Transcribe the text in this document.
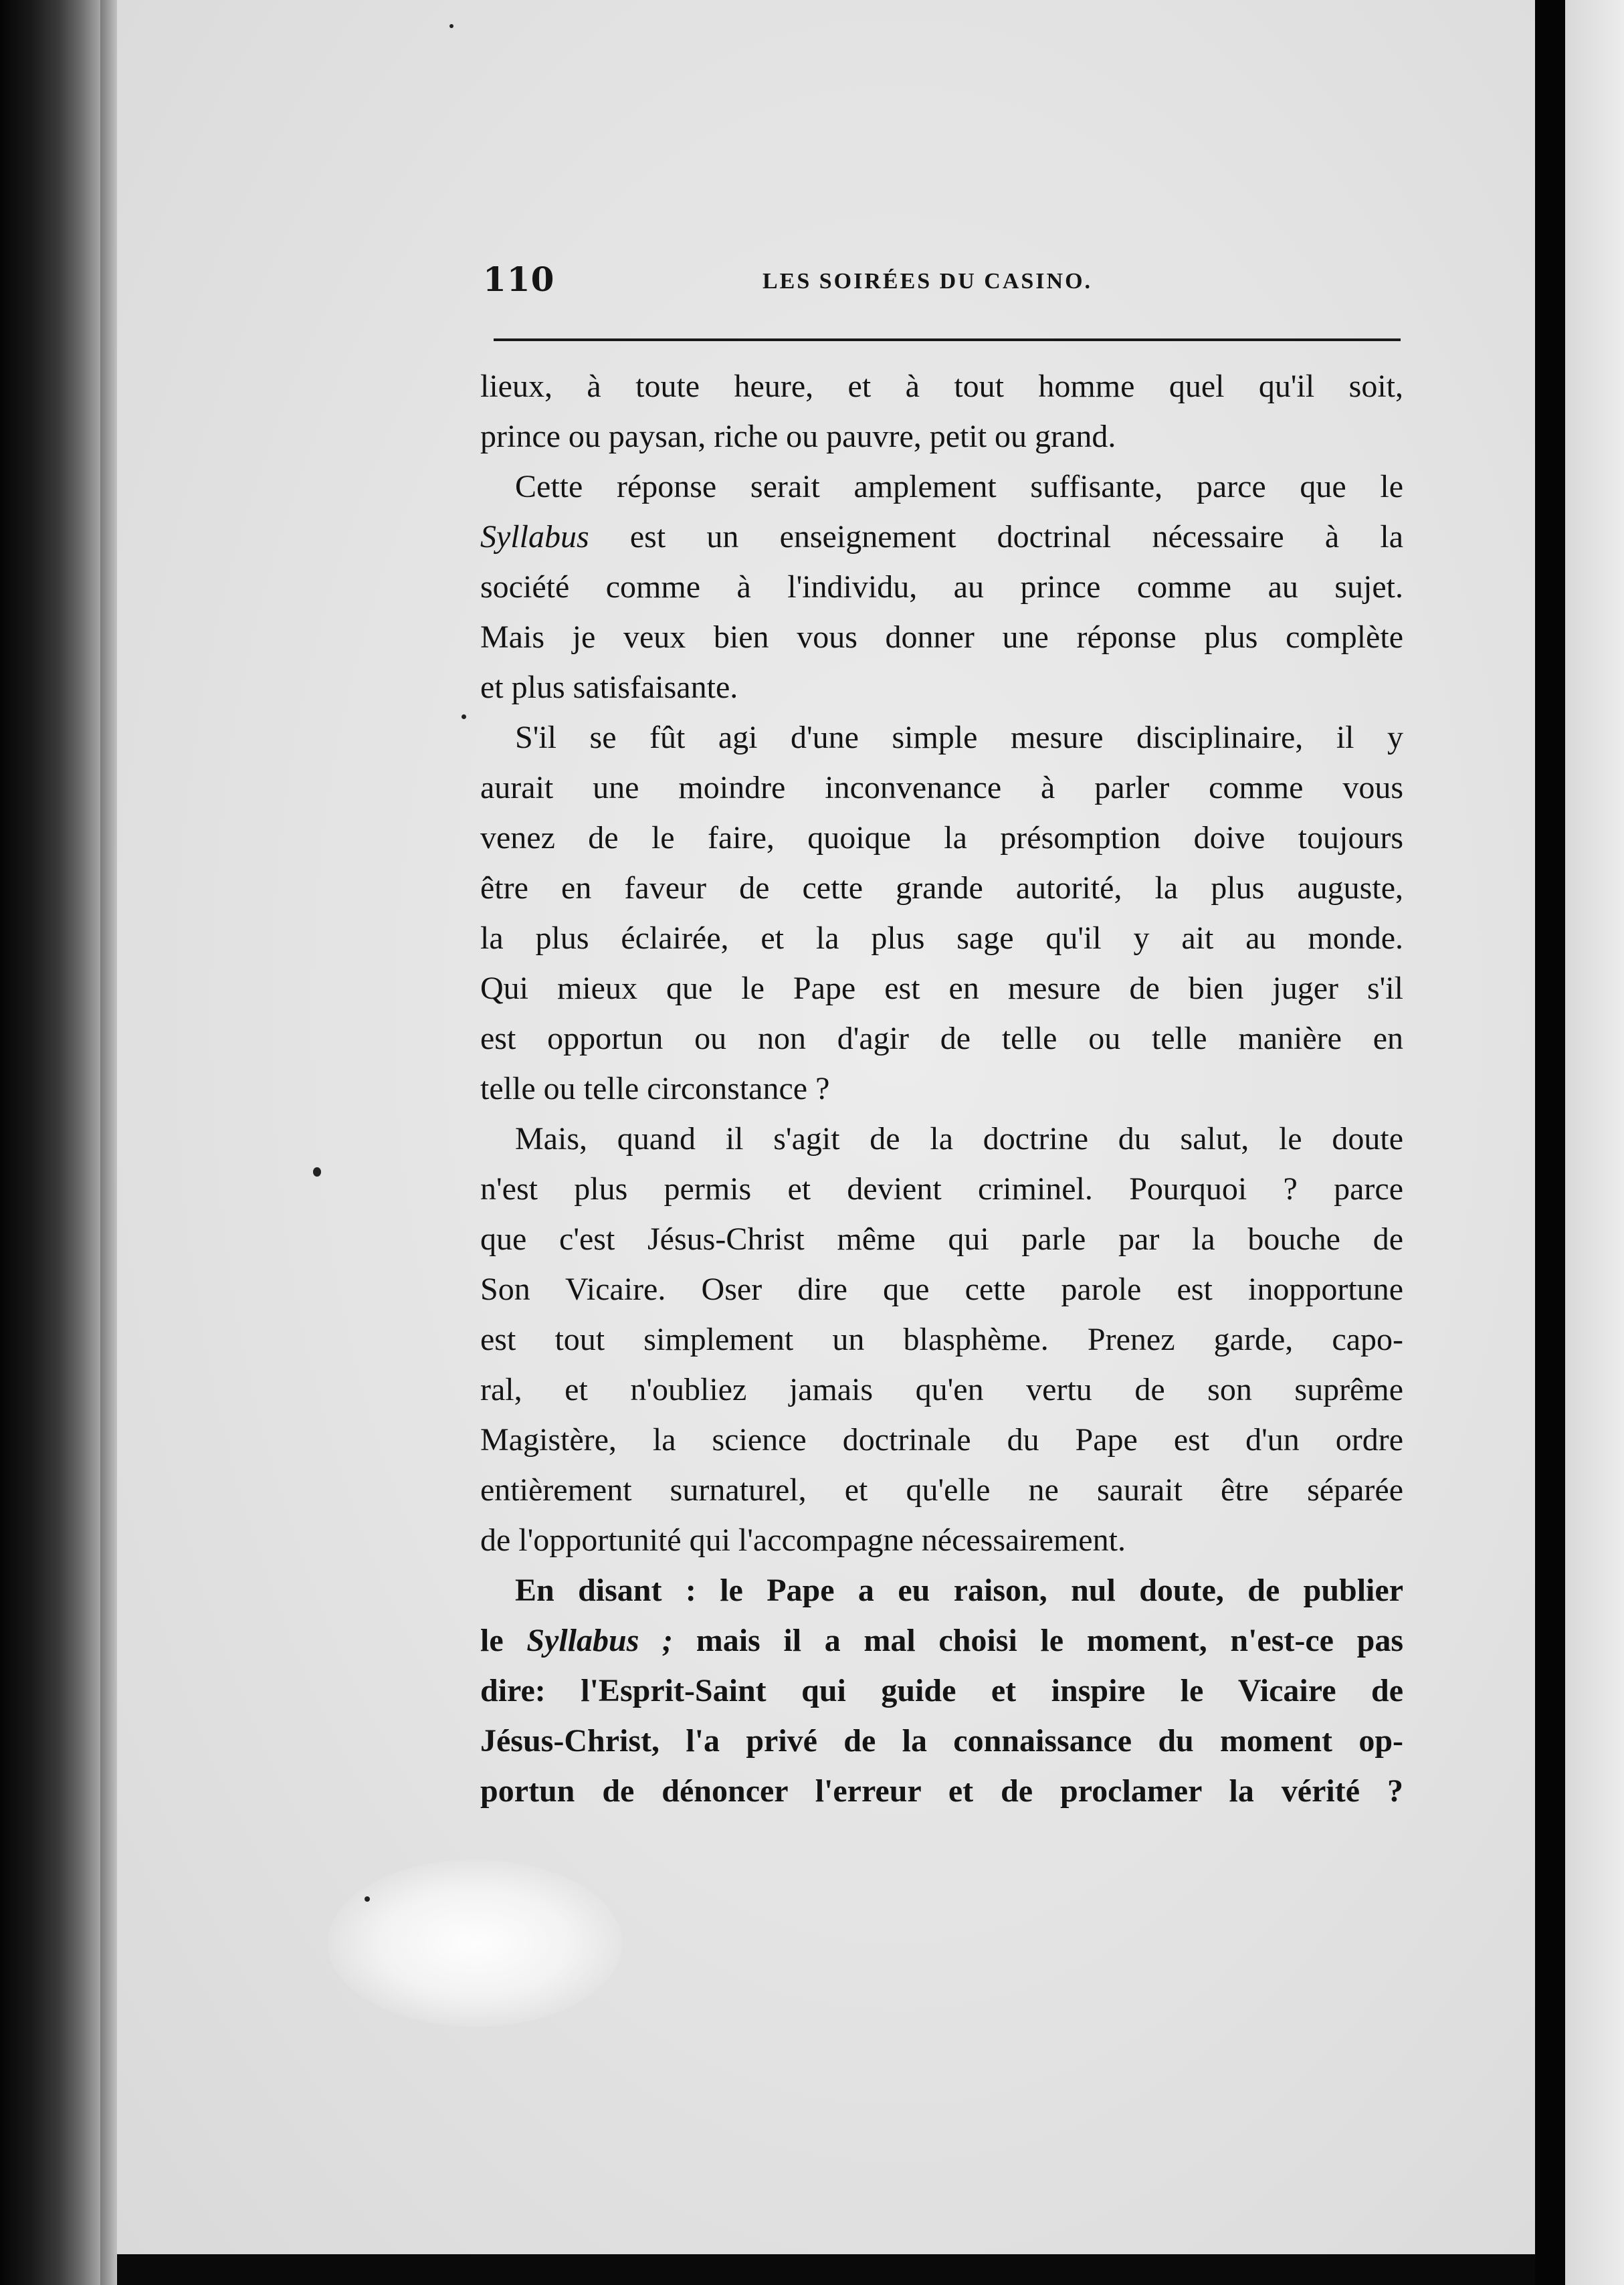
110	LES SOIRÉES DU CASINO.
lieux, à toute heure, et à tout homme quel qu'il soit,
prince ou paysan, riche ou pauvre, petit ou grand.
Cette réponse serait amplement suffisante, parce que le
Syllabus est un enseignement doctrinal nécessaire à la
société comme à l'individu, au prince comme au sujet.
Mais je veux bien vous donner une réponse plus complète
et plus satisfaisante.
S'il se fût agi d'une simple mesure disciplinaire, il y
aurait une moindre inconvenance à parler comme vous
venez de le faire, quoique la présomption doive toujours
être en faveur de cette grande autorité, la plus auguste,
la plus éclairée, et la plus sage qu'il y ait au monde.
Qui mieux que le Pape est en mesure de bien juger s'il
est opportun ou non d'agir de telle ou telle manière en
telle ou telle circonstance ?
Mais, quand il s'agit de la doctrine du salut, le doute
n'est plus permis et devient criminel. Pourquoi ? parce
que c'est Jésus-Christ même qui parle par la bouche de
Son Vicaire. Oser dire que cette parole est inopportune
est tout simplement un blasphème. Prenez garde, capo-
ral, et n'oubliez jamais qu'en vertu de son suprême
Magistère, la science doctrinale du Pape est d'un ordre
entièrement surnaturel, et qu'elle ne saurait être séparée
de l'opportunité qui l'accompagne nécessairement.
En disant : le Pape a eu raison, nul doute, de publier
le Syllabus ; mais il a mal choisi le moment, n'est-ce pas
dire: l'Esprit-Saint qui guide et inspire le Vicaire de
Jésus-Christ, l'a privé de la connaissance du moment op-
portun de dénoncer l'erreur et de proclamer la vérité ?
